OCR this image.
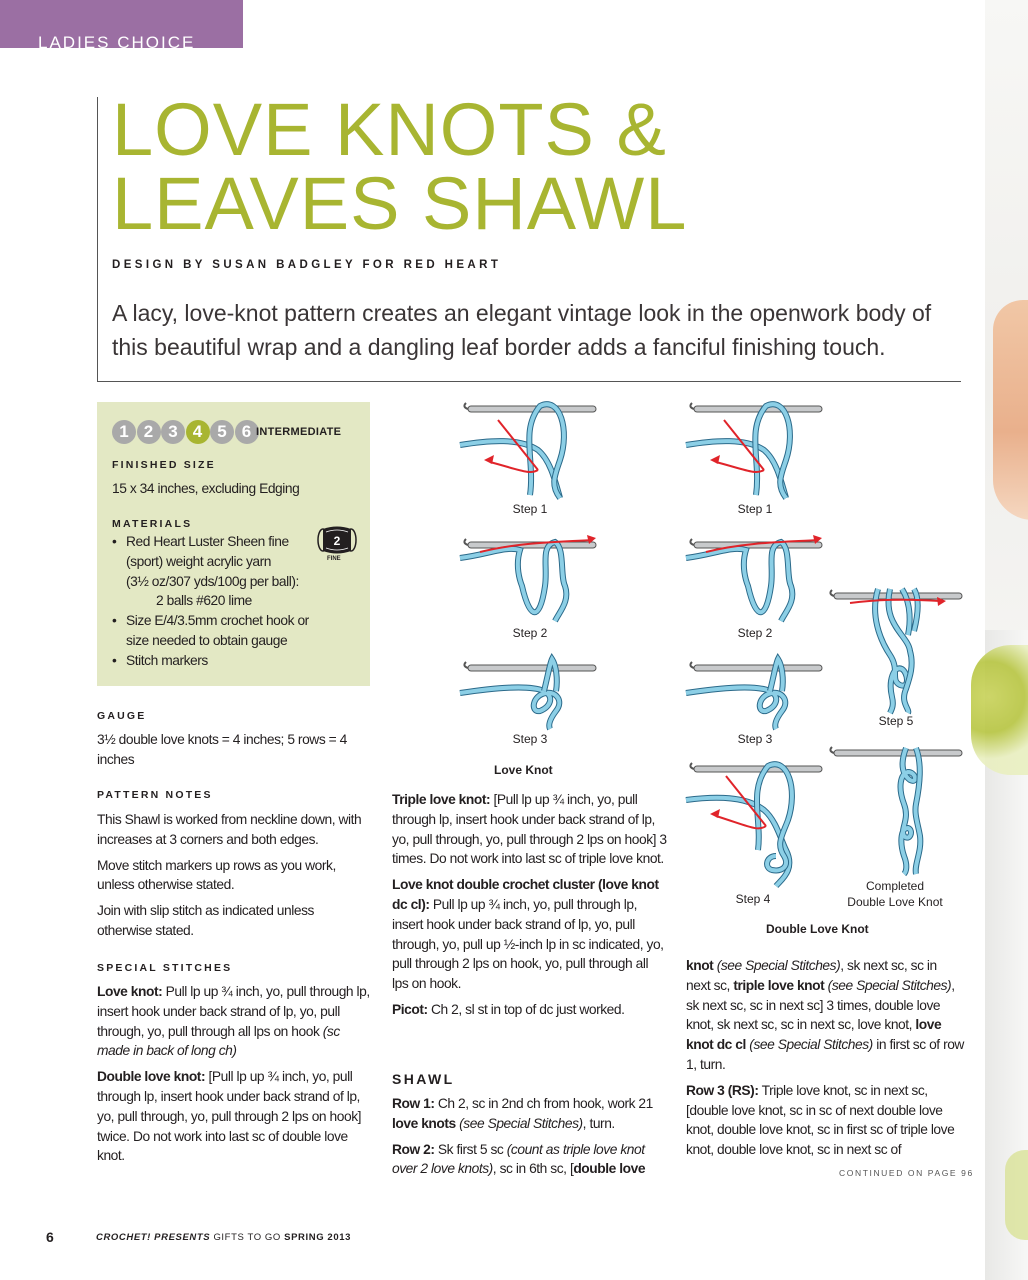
LADIES CHOICE
LOVE KNOTS &
LEAVES SHAWL
DESIGN BY SUSAN BADGLEY FOR RED HEART
A lacy, love-knot pattern creates an elegant vintage look in the openwork body of this beautiful wrap and a dangling leaf border adds a fanciful finishing touch.
1 2 3 4 5 6 INTERMEDIATE
FINISHED SIZE
15 x 34 inches, excluding Edging
MATERIALS
• Red Heart Luster Sheen fine
(sport) weight acrylic yarn
(3½ oz/307 yds/100g per ball):
2 balls #620 lime
• Size E/4/3.5mm crochet hook or
size needed to obtain gauge
• Stitch markers
2
FINE
GAUGE
3½ double love knots = 4 inches; 5 rows = 4 inches
PATTERN NOTES

This Shawl is worked from neckline down, with increases at 3 corners and both edges.

Move stitch markers up rows as you work, unless otherwise stated.

Join with slip stitch as indicated unless otherwise stated.

SPECIAL STITCHES

Love knot: Pull lp up ¾ inch, yo, pull through lp, insert hook under back strand of lp, yo, pull through, yo, pull through all lps on hook (sc made in back of long ch)

Double love knot: [Pull lp up ¾ inch, yo, pull through lp, insert hook under back strand of lp, yo, pull through, yo, pull through 2 lps on hook] twice. Do not work into last sc of double love knot.

Triple love knot: [Pull lp up ¾ inch, yo, pull through lp, insert hook under back strand of lp, yo, pull through, yo, pull through 2 lps on hook] 3 times. Do not work into last sc of triple love knot.

Love knot double crochet cluster (love knot dc cl): Pull lp up ¾ inch, yo, pull through lp, insert hook under back strand of lp, yo, pull through, yo, pull up ½-inch lp in sc indicated, yo, pull through 2 lps on hook, yo, pull through all lps on hook.

Picot: Ch 2, sl st in top of dc just worked.

SHAWL

Row 1: Ch 2, sc in 2nd ch from hook, work 21 love knots (see Special Stitches), turn.

Row 2: Sk first 5 sc (count as triple love knot over 2 love knots), sc in 6th sc, [double love

knot (see Special Stitches), sk next sc, sc in next sc, triple love knot (see Special Stitches), sk next sc, sc in next sc] 3 times, double love knot, sk next sc, sc in next sc, love knot, love knot dc cl (see Special Stitches) in first sc of row 1, turn.

Row 3 (RS): Triple love knot, sc in next sc, [double love knot, sc in sc of next double love knot, double love knot, sc in first sc of triple love knot, double love knot, sc in next sc of

CONTINUED ON PAGE 96
Step 1
Step 2
Step 3
Love Knot
Step 1
Step 2
Step 3
Step 4
Step 5
Completed
Double Love Knot
Double Love Knot
6	CROCHET! PRESENTS GIFTS TO GO SPRING 2013
